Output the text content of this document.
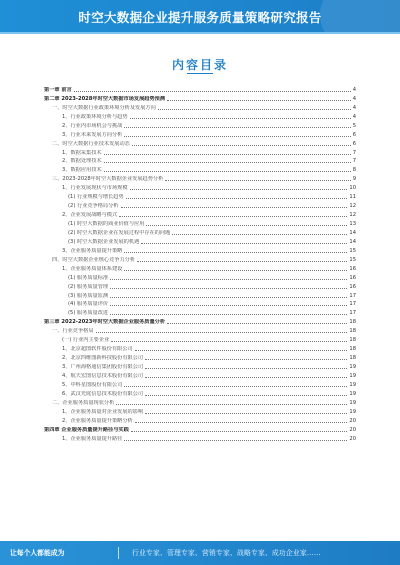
时空大数据企业提升服务质量策略研究报告
内容目录
第一章 前言	4
第二章 2023-2028年时空大数据市场发展趋势预测	4
一、时空大数据行业政策环境分析及发展方向	4
1、行业政策环境分析与趋势	4
2、行业内市场机会与挑战	5
3、行业未来发展方向分析	6
二、时空大数据行业技术发展动态	6
1、数据采集技术	7
2、数据处理技术	7
3、数据应用技术	8
三、2023-2028年时空大数据企业发展趋势分析	9
1、行业发展现状与市场规模	10
(1) 行业规模与增长趋势	11
(2) 行业竞争格局分析	12
2、企业发展战略与模式	12
(1) 时空大数据的商业价值与应用	13
(2) 时空大数据企业在发展过程中存在的问题	14
(3) 时空大数据企业发展的机遇	14
3、企业服务质量提升策略	15
四、时空大数据企业核心竞争力分析	15
1、企业服务质量体系建设	16
(1) 服务质量标准	16
(2) 服务质量管理	16
(3) 服务质量监测	17
(4) 服务质量评价	17
(5) 服务质量改进	17
第三章 2022-2023年时空大数据企业服务质量分析	18
一、行业竞争格局	18
(一) 行业内主要企业	18
1、北京超图软件股份有限公司	18
2、北京四维图新科技股份有限公司	18
3、广州海格通信集团股份有限公司	19
4、航天宏图信息技术股份有限公司	19
5、中科星图股份有限公司	19
6、武汉光庭信息技术股份有限公司	19
二、企业服务质量现状分析	19
1、企业服务质量对企业发展的影响	19
2、企业服务质量提升策略分析	20
第四章 企业服务质量提升路径与实践	20
1、企业服务质量提升路径	20
让每个人都能成为	行业专家、管理专家、营销专家、战略专家、成功企业家……
